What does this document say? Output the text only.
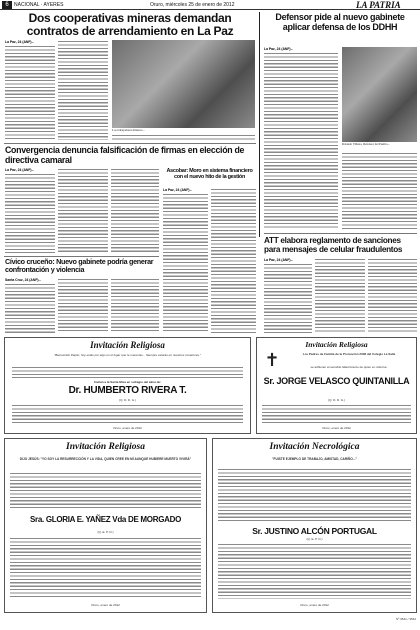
6	NACIONAL · AYERES	Oruro, miércoles 25 de enero de 2012	LA PATRIA
Dos cooperativas mineras demandan contratos de arrendamiento en La Paz
La Paz, 24 (ANF).-
Los trabajadores mineros...
Defensor pide al nuevo gabinete aplicar defensa de los DDHH
La Paz, 24 (ANF).-
Rolando Villena, Defensor del Pueblo...
Convergencia denuncia falsificación de firmas en elección de directiva camaral
La Paz, 24 (ANF).-	Ascobar: Moro en sistema financiero con el nuevo hito de la gestión
La Paz, 24 (ANF).-
ATT elabora reglamento de sanciones para mensajes de celular fraudulentos
La Paz, 24 (ANF).-
Cívico cruceño: Nuevo gabinete podría generar confrontación y violencia
Santa Cruz, 24 (ANF).-
Invitación Religiosa
"Bienvenido Papito, hoy estás por algo en el lugar que te merecías... Siempre estarás en nuestros corazones."
Invitan a la Santa Misa en sufragio del alma de:
Dr. HUMBERTO RIVERA T.
(Q. D. D. G.)
Oruro, enero de 2012
Invitación Religiosa
✝	Los Padres de Familia de la Promoción 2008 del Colegio La Salle
se adhieren al sensible fallecimiento de quien en vida fue:
Sr. JORGE VELASCO QUINTANILLA
(Q. D. D. G.)
Oruro, enero de 2012
Invitación Religiosa
DIJO JESÚS: "YO SOY LA RESURRECCIÓN Y LA VIDA, QUIEN CREE EN MÍ AUNQUE HUBIERE MUERTO VIVIRÁ"
Sra. GLORIA E. YAÑEZ Vda DE MORGADO
(Q. E. P. D.)
Oruro, enero de 2012
Invitación Necrológica
"FUISTE EJEMPLO DE TRABAJO, AMISTAD, CARIÑO..."
Sr. JUSTINO ALCÓN PORTUGAL
(Q. E. P. D.)
Oruro, enero de 2012
Nº 3541 / 3542
